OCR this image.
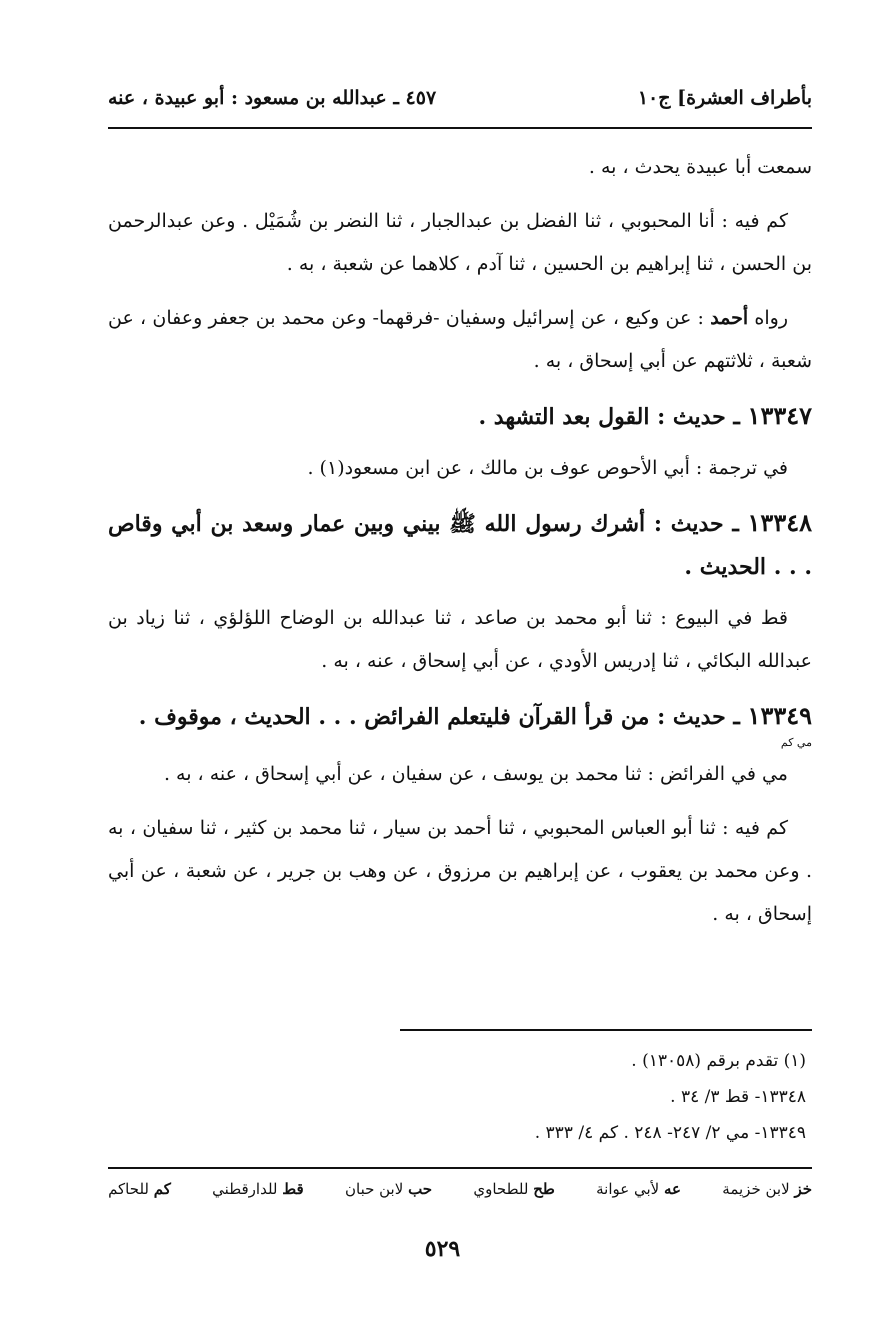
بأطراف العشرة] ج١٠
٤٥٧ ـ عبدالله بن مسعود : أبو عبيدة ، عنه

سمعت أبا عبيدة يحدث ، به .

كم فيه : أنا المحبوبي ، ثنا الفضل بن عبدالجبار ، ثنا النضر بن شُمَيْل . وعن عبدالرحمن بن الحسن ، ثنا إبراهيم بن الحسين ، ثنا آدم ، كلاهما عن شعبة ، به .

رواه أحمد : عن وكيع ، عن إسرائيل وسفيان -فرقهما- وعن محمد بن جعفر وعفان ، عن شعبة ، ثلاثتهم عن أبي إسحاق ، به .

١٣٣٤٧ ـ حديث : القول بعد التشهد .

في ترجمة : أبي الأحوص عوف بن مالك ، عن ابن مسعود(١) .

١٣٣٤٨ ـ حديث : أشرك رسول الله ﷺ بيني وبين عمار وسعد بن أبي وقاص . . . الحديث .

قط في البيوع : ثنا أبو محمد بن صاعد ، ثنا عبدالله بن الوضاح اللؤلؤي ، ثنا زياد بن عبدالله البكائي ، ثنا إدريس الأودي ، عن أبي إسحاق ، عنه ، به .

١٣٣٤٩ ـ حديث : من قرأ القرآن فليتعلم الفرائض . . . الحديث ، موقوف .
مي كم

مي في الفرائض : ثنا محمد بن يوسف ، عن سفيان ، عن أبي إسحاق ، عنه ، به .

كم فيه : ثنا أبو العباس المحبوبي ، ثنا أحمد بن سيار ، ثنا محمد بن كثير ، ثنا سفيان ، به . وعن محمد بن يعقوب ، عن إبراهيم بن مرزوق ، عن وهب بن جرير ، عن شعبة ، عن أبي إسحاق ، به .

(١) تقدم برقم (١٣٠٥٨) .
١٣٣٤٨- قط ٣/ ٣٤ .
١٣٣٤٩- مي ٢/ ٢٤٧- ٢٤٨ . كم ٤/ ٣٣٣ .
خز لابن خزيمة
عه لأبي عوانة
طح للطحاوي
حب لابن حبان
قط للدارقطني
كم للحاكم
٥٢٩
